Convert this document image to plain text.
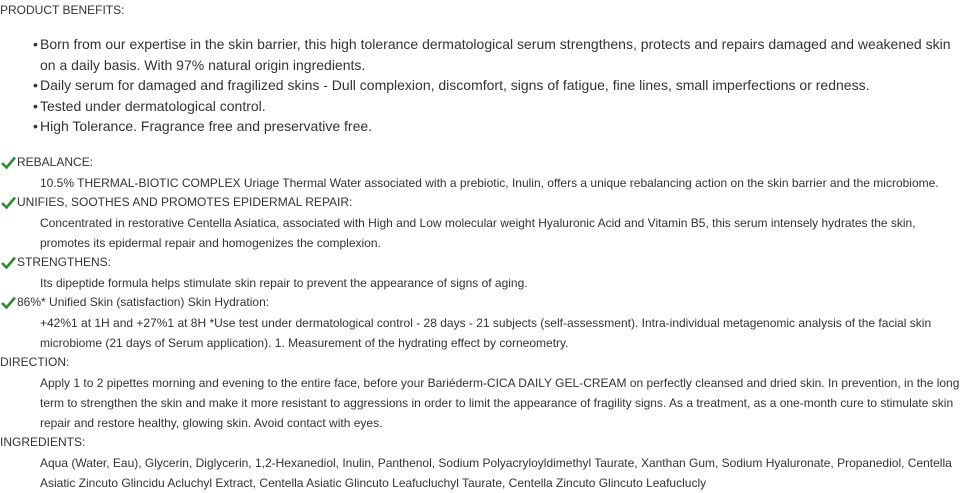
PRODUCT BENEFITS:
• Born from our expertise in the skin barrier, this high tolerance dermatological serum strengthens, protects and repairs damaged and weakened skin on a daily basis. With 97% natural origin ingredients.
• Daily serum for damaged and fragilized skins - Dull complexion, discomfort, signs of fatigue, fine lines, small imperfections or redness.
• Tested under dermatological control.
• High Tolerance. Fragrance free and preservative free.
REBALANCE:
10.5% THERMAL-BIOTIC COMPLEX Uriage Thermal Water associated with a prebiotic, Inulin, offers a unique rebalancing action on the skin barrier and the microbiome.
UNIFIES, SOOTHES AND PROMOTES EPIDERMAL REPAIR:
Concentrated in restorative Centella Asiatica, associated with High and Low molecular weight Hyaluronic Acid and Vitamin B5, this serum intensely hydrates the skin, promotes its epidermal repair and homogenizes the complexion.
STRENGTHENS:
Its dipeptide formula helps stimulate skin repair to prevent the appearance of signs of aging.
86%* Unified Skin (satisfaction) Skin Hydration:
+42%1 at 1H and +27%1 at 8H *Use test under dermatological control - 28 days - 21 subjects (self-assessment). Intra-individual metagenomic analysis of the facial skin microbiome (21 days of Serum application). 1. Measurement of the hydrating effect by corneometry.
DIRECTION:
Apply 1 to 2 pipettes morning and evening to the entire face, before your Bariéderm-CICA DAILY GEL-CREAM on perfectly cleansed and dried skin. In prevention, in the long term to strengthen the skin and make it more resistant to aggressions in order to limit the appearance of fragility signs. As a treatment, as a one-month cure to stimulate skin repair and restore healthy, glowing skin. Avoid contact with eyes.
INGREDIENTS:
Aqua (Water, Eau), Glycerin, Diglycerin, 1,2-Hexanediol, Inulin, Panthenol, Sodium Polyacryloyldimethyl Taurate, Xanthan Gum, Sodium Hyaluronate, Propanediol, Centella Asiatic Zincuto Glincidu Acluchyl Extract, Centella Asiatic Glincuto Leafucluchyl Taurate, Centella Zincuto Glincuto Leafuclucly
